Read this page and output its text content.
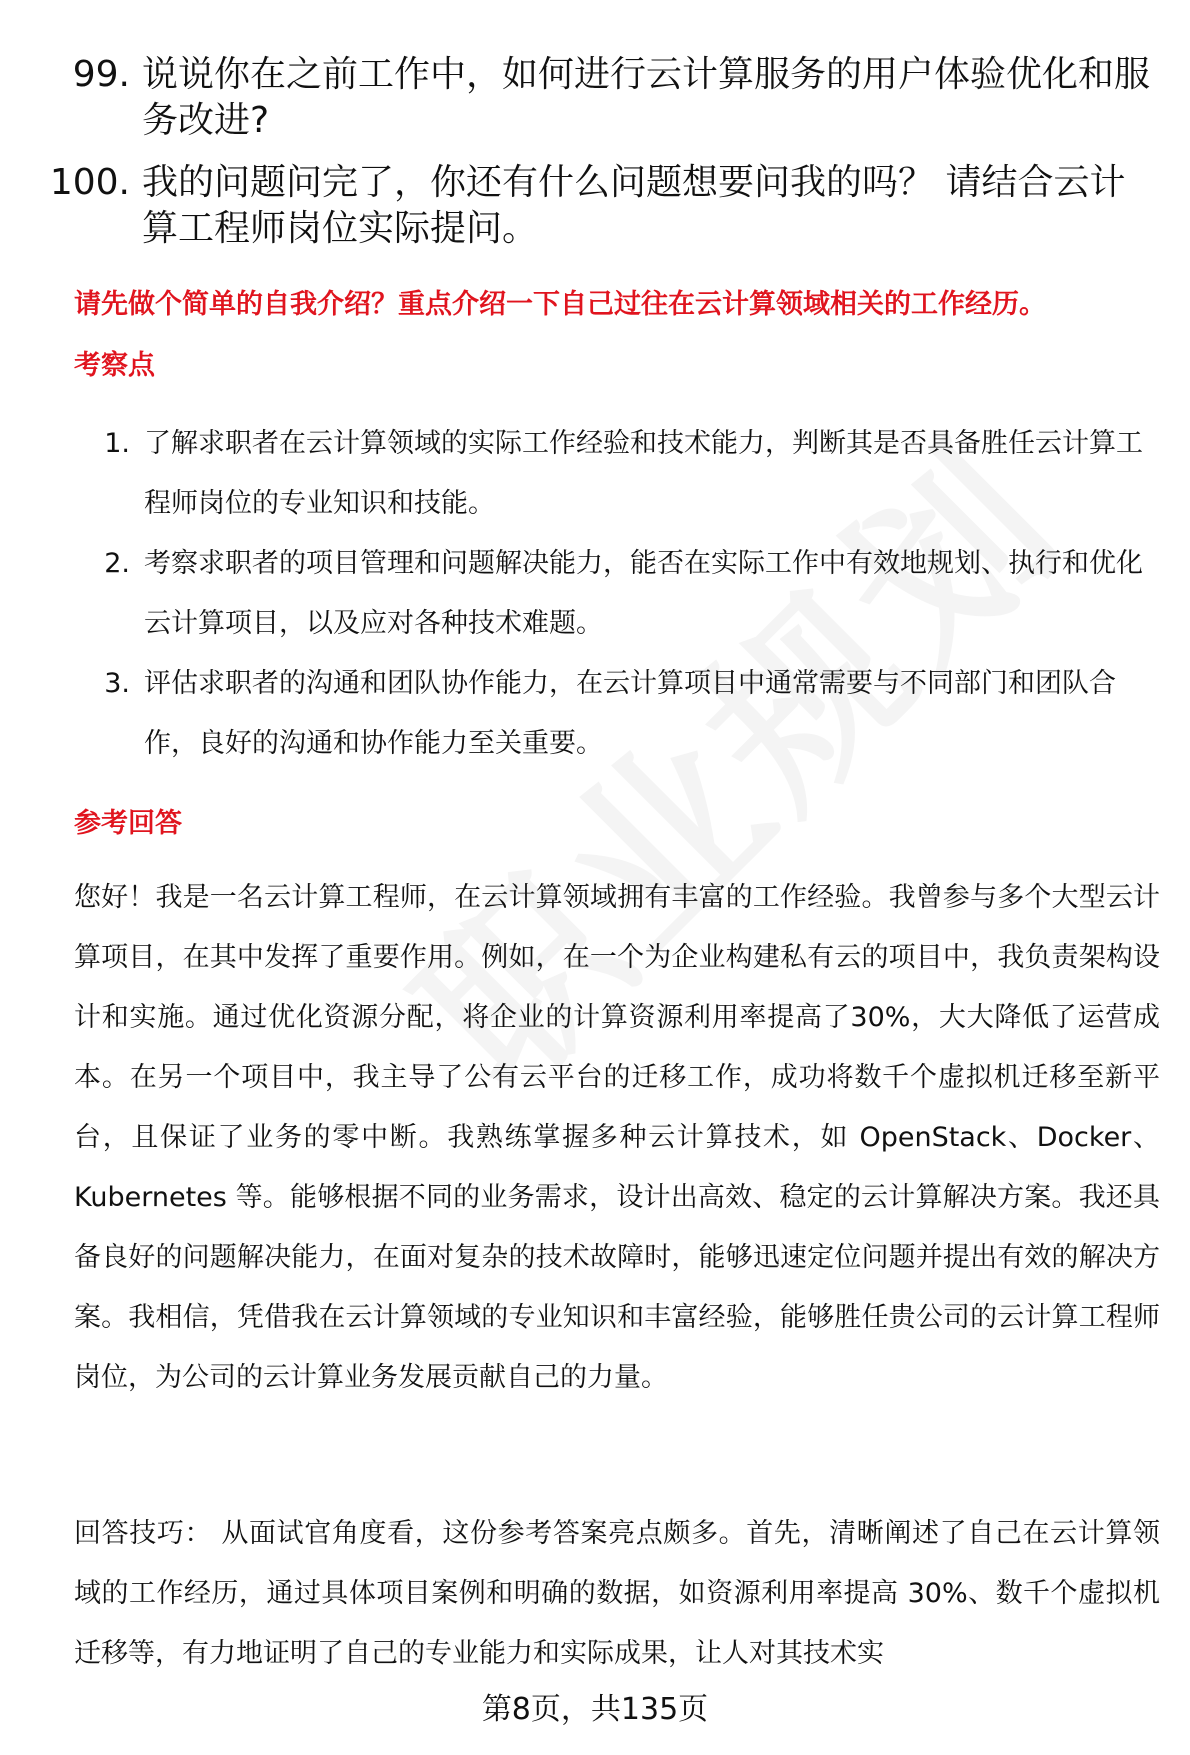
99. 说说你在之前工作中，如何进行云计算服务的用户体验优化和服务改进?
100. 我的问题问完了，你还有什么问题想要问我的吗？ 请结合云计算工程师岗位实际提问。
请先做个简单的自我介绍？重点介绍一下自己过往在云计算领域相关的工作经历。
考察点
1. 了解求职者在云计算领域的实际工作经验和技术能力，判断其是否具备胜任云计算工程师岗位的专业知识和技能。
2. 考察求职者的项目管理和问题解决能力，能否在实际工作中有效地规划、执行和优化云计算项目，以及应对各种技术难题。
3. 评估求职者的沟通和团队协作能力，在云计算项目中通常需要与不同部门和团队合作，良好的沟通和协作能力至关重要。
参考回答
您好！我是一名云计算工程师，在云计算领域拥有丰富的工作经验。我曾参与多个大型云计算项目，在其中发挥了重要作用。例如，在一个为企业构建私有云的项目中，我负责架构设计和实施。通过优化资源分配，将企业的计算资源利用率提高了30%，大大降低了运营成本。在另一个项目中，我主导了公有云平台的迁移工作，成功将数千个虚拟机迁移至新平台，且保证了业务的零中断。我熟练掌握多种云计算技术，如 OpenStack、Docker、Kubernetes 等。能够根据不同的业务需求，设计出高效、稳定的云计算解决方案。我还具备良好的问题解决能力，在面对复杂的技术故障时，能够迅速定位问题并提出有效的解决方案。我相信，凭借我在云计算领域的专业知识和丰富经验，能够胜任贵公司的云计算工程师岗位，为公司的云计算业务发展贡献自己的力量。
回答技巧： 从面试官角度看，这份参考答案亮点颇多。首先，清晰阐述了自己在云计算领域的工作经历，通过具体项目案例和明确的数据，如资源利用率提高 30%、数千个虚拟机迁移等，有力地证明了自己的专业能力和实际成果，让人对其技术实
第8页，共135页
